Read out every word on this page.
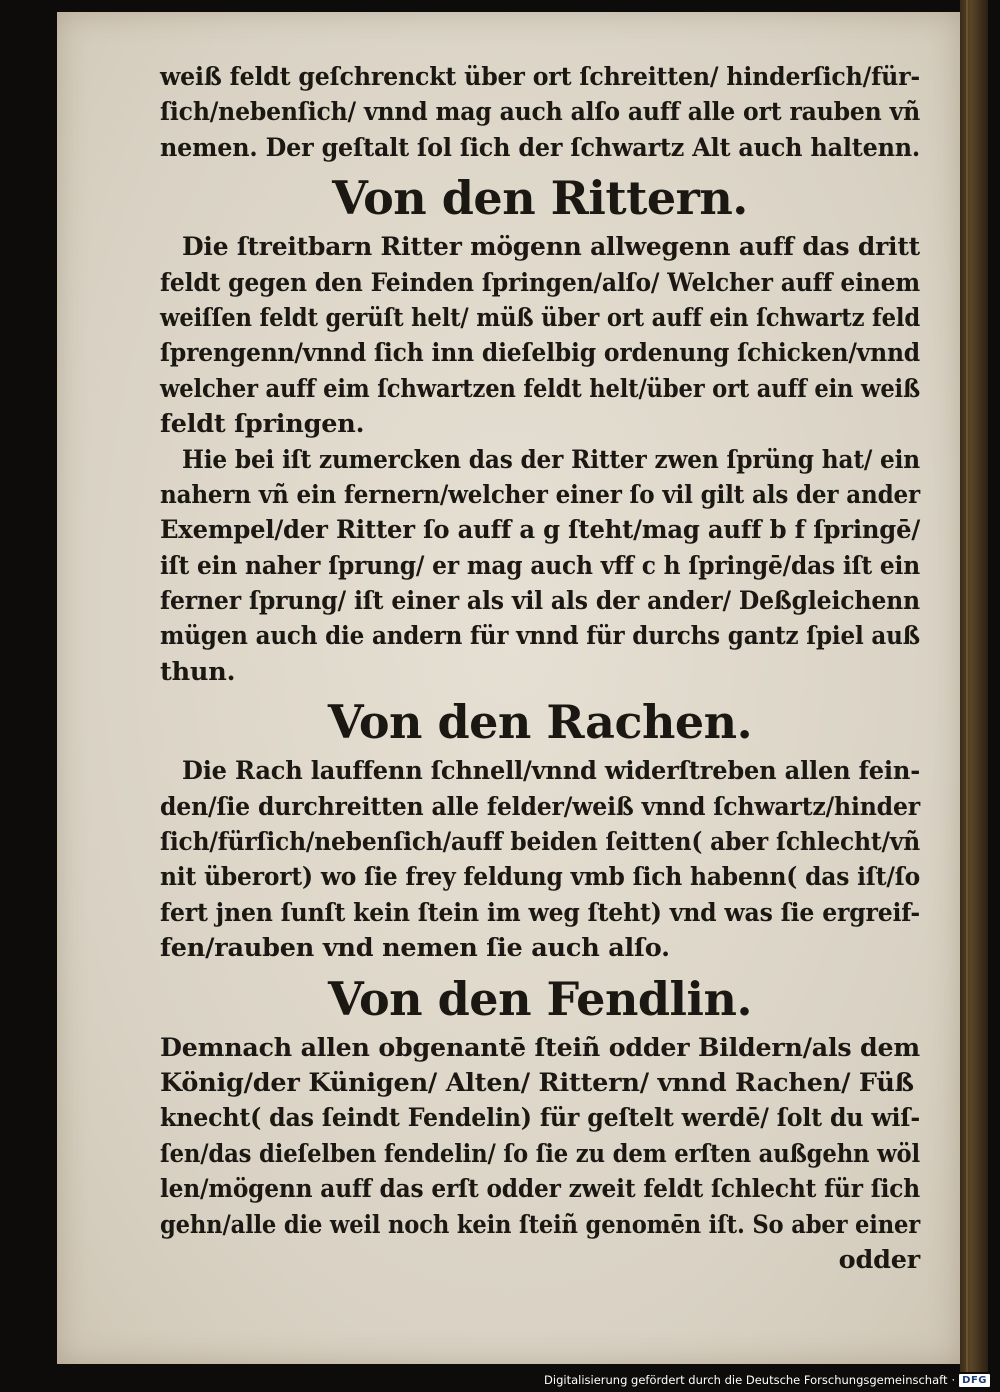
weiß feldt geſchrenckt über ort ſchreitten/ hinderſich/für-
ſich/nebenſich/ vnnd mag auch alſo auff alle ort rauben vñ
nemen. Der geſtalt ſol ſich der ſchwartz Alt auch haltenn.
Von den Rittern.
Die ſtreitbarn Ritter mögenn allwegenn auff das dritt
feldt gegen den Feinden ſpringen/alſo/ Welcher auff einem
weiſſen feldt gerüſt helt/ müß über ort auff ein ſchwartz feld
ſprengenn/vnnd ſich inn dieſelbig ordenung ſchicken/vnnd
welcher auff eim ſchwartzen feldt helt/über ort auff ein weiß
feldt ſpringen.
Hie bei iſt zumercken das der Ritter zwen ſprüng hat/ ein
nahern vñ ein fernern/welcher einer ſo vil gilt als der ander
Exempel/der Ritter ſo auff a g ſteht/mag auff b f ſpringē/
iſt ein naher ſprung/ er mag auch vff c h ſpringē/das iſt ein
ferner ſprung/ iſt einer als vil als der ander/ Deßgleichenn
mügen auch die andern für vnnd für durchs gantz ſpiel auß
thun.
Von den Rachen.
Die Rach lauffenn ſchnell/vnnd widerſtreben allen fein-
den/ſie durchreitten alle felder/weiß vnnd ſchwartz/hinder
ſich/fürſich/nebenſich/auff beiden ſeitten( aber ſchlecht/vñ
nit überort) wo ſie frey feldung vmb ſich habenn( das iſt/ſo
fert jnen ſunſt kein ſtein im weg ſteht) vnd was ſie ergreif-
fen/rauben vnd nemen ſie auch alſo.
Von den Fendlin.
Demnach allen obgenantē ſteiñ odder Bildern/als dem
König/der Künigen/ Alten/ Rittern/ vnnd Rachen/ Füß
knecht( das ſeindt Fendelin) für geſtelt werdē/ ſolt du wiſ-
ſen/das dieſelben fendelin/ ſo ſie zu dem erſten außgehn wöl
len/mögenn auff das erſt odder zweit feldt ſchlecht für ſich
gehn/alle die weil noch kein ſteiñ genomēn iſt. So aber einer
odder
Digitalisierung gefördert durch die Deutsche Forschungsgemeinschaft · DFG
